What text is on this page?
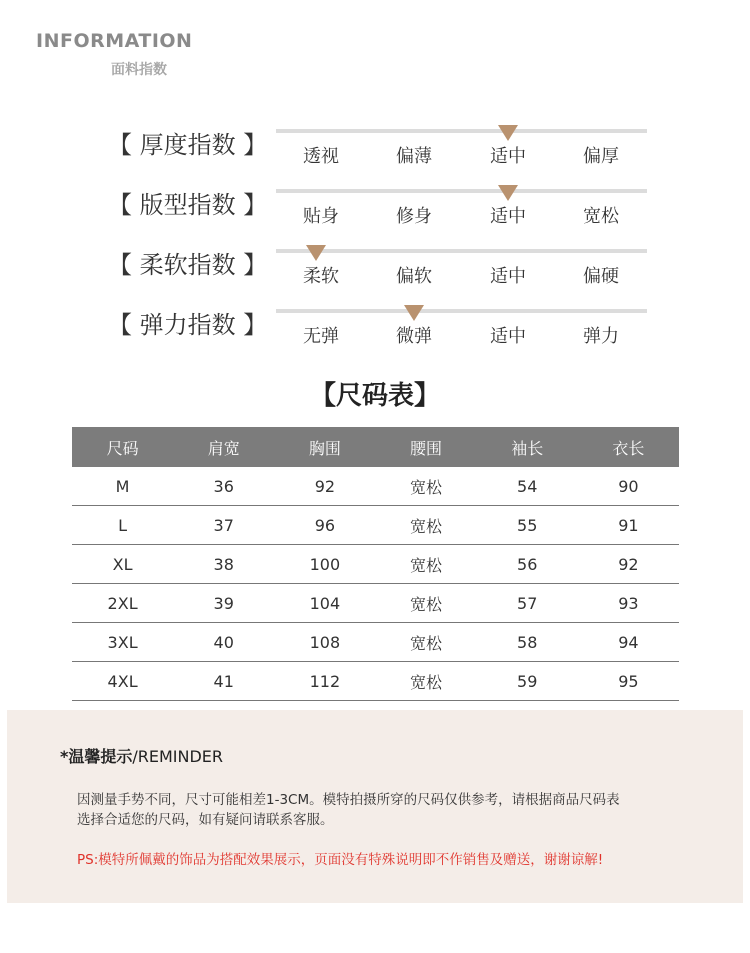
INFORMATION
面料指数
【 厚度指数 】	透视	偏薄	适中	偏厚
【 版型指数 】	贴身	修身	适中	宽松
【 柔软指数 】	柔软	偏软	适中	偏硬
【 弹力指数 】	无弹	微弹	适中	弹力
【尺码表】
尺码	肩宽	胸围	腰围	袖长	衣长
M	36	92	宽松	54	90
L	37	96	宽松	55	91
XL	38	100	宽松	56	92
2XL	39	104	宽松	57	93
3XL	40	108	宽松	58	94
4XL	41	112	宽松	59	95
*温馨提示/REMINDER
因测量手势不同，尺寸可能相差1-3CM。模特拍摄所穿的尺码仅供参考，请根据商品尺码表
选择合适您的尺码，如有疑问请联系客服。
PS:模特所佩戴的饰品为搭配效果展示，页面没有特殊说明即不作销售及赠送，谢谢谅解!
